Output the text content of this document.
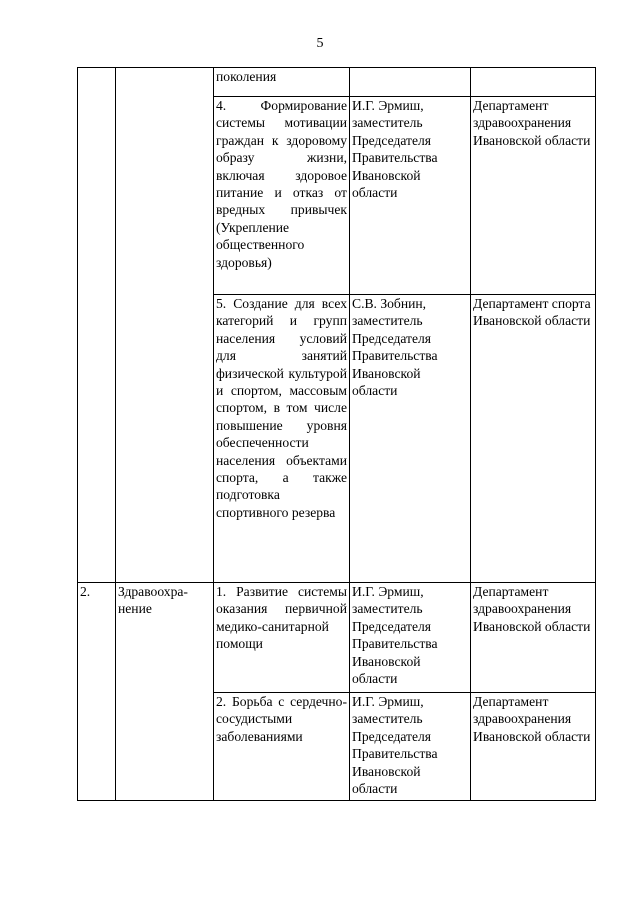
5

		поколения		

		4. Формирование системы мотивации граждан к здоровому образу жизни, включая здоровое питание и отказ от вредных привычек (Укрепление общественного здоровья)	И.Г. Эрмиш, заместитель Председателя Правительства Ивановской области	Департамент здравоохранения Ивановской области

		5. Создание для всех категорий и групп населения условий для занятий физической культурой и спортом, массовым спортом, в том числе повышение уровня обеспеченности населения объектами спорта, а также подготовка спортивного резерва	С.В. Зобнин, заместитель Председателя Правительства Ивановской области	Департамент спорта Ивановской области

2.	Здравоохра-нение	1. Развитие системы оказания первичной медико-санитарной помощи	И.Г. Эрмиш, заместитель Председателя Правительства Ивановской области	Департамент здравоохранения Ивановской области

		2. Борьба с сердечно-сосудистыми заболеваниями	И.Г. Эрмиш, заместитель Председателя Правительства Ивановской области	Департамент здравоохранения Ивановской области
